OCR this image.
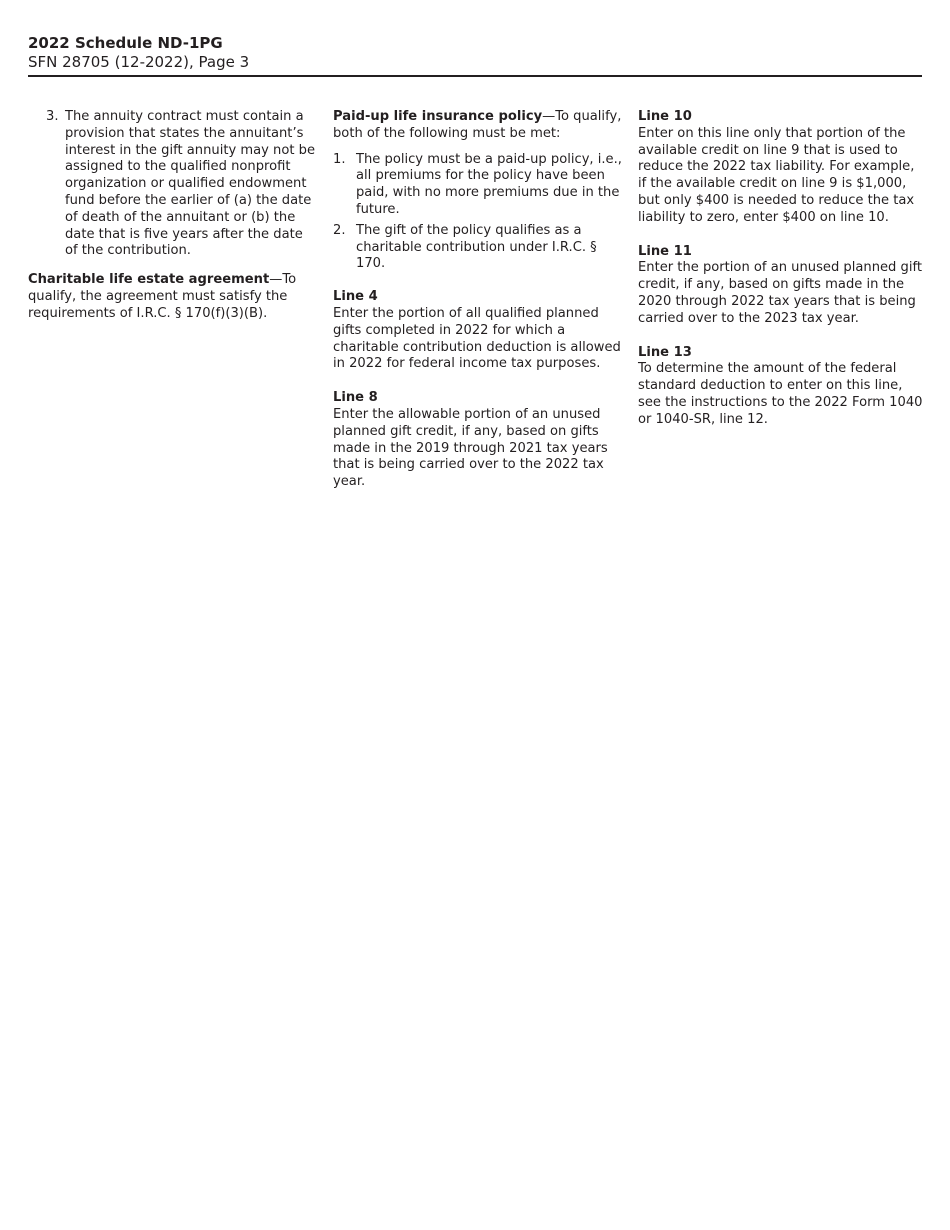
2022 Schedule ND-1PG

SFN 28705 (12-2022), Page 3

3. The annuity contract must contain a provision that states the annuitant’s interest in the gift annuity may not be assigned to the qualified nonprofit organization or qualified endowment fund before the earlier of (a) the date of death of the annuitant or (b) the date that is five years after the date of the contribution.

Charitable life estate agreement—To qualify, the agreement must satisfy the requirements of I.R.C. § 170(f)(3)(B).

Paid-up life insurance policy—To qualify, both of the following must be met:

1. The policy must be a paid-up policy, i.e., all premiums for the policy have been paid, with no more premiums due in the future.
2. The gift of the policy qualifies as a charitable contribution under I.R.C. § 170.

Line 4

Enter the portion of all qualified planned gifts completed in 2022 for which a charitable contribution deduction is allowed in 2022 for federal income tax purposes.

Line 8

Enter the allowable portion of an unused planned gift credit, if any, based on gifts made in the 2019 through 2021 tax years that is being carried over to the 2022 tax year.

Line 10

Enter on this line only that portion of the available credit on line 9 that is used to reduce the 2022 tax liability. For example, if the available credit on line 9 is $1,000, but only $400 is needed to reduce the tax liability to zero, enter $400 on line 10.

Line 11

Enter the portion of an unused planned gift credit, if any, based on gifts made in the 2020 through 2022 tax years that is being carried over to the 2023 tax year.

Line 13

To determine the amount of the federal standard deduction to enter on this line, see the instructions to the 2022 Form 1040 or 1040-SR, line 12.
